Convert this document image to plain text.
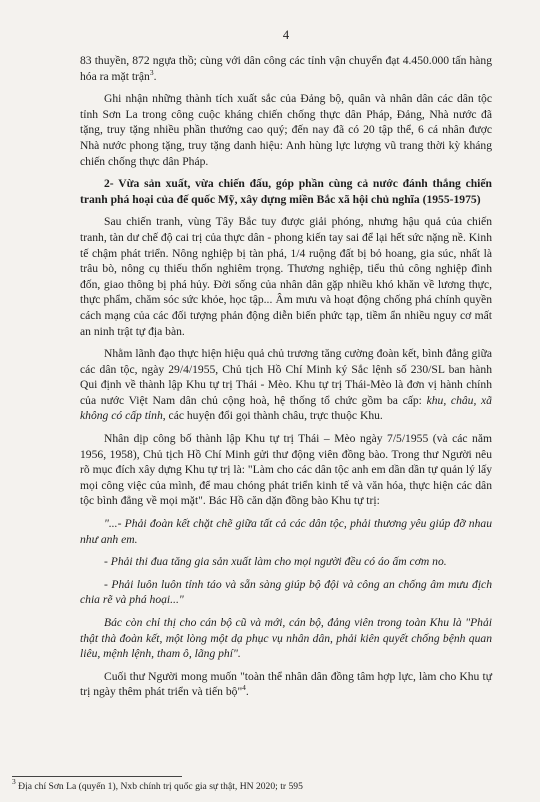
4

83 thuyền, 872 ngựa thồ; cùng với dân công các tỉnh vận chuyển đạt 4.450.000 tấn hàng hóa ra mặt trận$^3$.

Ghi nhận những thành tích xuất sắc của Đảng bộ, quân và nhân dân các dân tộc tỉnh Sơn La trong công cuộc kháng chiến chống thực dân Pháp, Đảng, Nhà nước đã tặng, truy tặng nhiều phần thưởng cao quý; đến nay đã có 20 tập thể, 6 cá nhân được Nhà nước phong tặng, truy tặng danh hiệu: Anh hùng lực lượng vũ trang thời kỳ kháng chiến chống thực dân Pháp.

2- Vừa sản xuất, vừa chiến đấu, góp phần cùng cả nước đánh thắng chiến tranh phá hoại của đế quốc Mỹ, xây dựng miền Bắc xã hội chủ nghĩa (1955-1975)

Sau chiến tranh, vùng Tây Bắc tuy được giải phóng, nhưng hậu quả của chiến tranh, tàn dư chế độ cai trị của thực dân - phong kiến tay sai để lại hết sức nặng nề. Kinh tế chậm phát triển. Nông nghiệp bị tàn phá, 1/4 ruộng đất bị bỏ hoang, gia súc, nhất là trâu bò, nông cụ thiếu thốn nghiêm trọng. Thương nghiệp, tiểu thủ công nghiệp đình đốn, giao thông bị phá hủy. Đời sống của nhân dân gặp nhiều khó khăn về lương thực, thực phẩm, chăm sóc sức khỏe, học tập... Âm mưu và hoạt động chống phá chính quyền cách mạng của các đối tượng phản động diễn biến phức tạp, tiềm ẩn nhiều nguy cơ mất an ninh trật tự địa bàn.

Nhằm lãnh đạo thực hiện hiệu quả chủ trương tăng cường đoàn kết, bình đẳng giữa các dân tộc, ngày 29/4/1955, Chủ tịch Hồ Chí Minh ký Sắc lệnh số 230/SL ban hành Qui định về thành lập Khu tự trị Thái - Mèo. Khu tự trị Thái-Mèo là đơn vị hành chính của nước Việt Nam dân chủ cộng hoà, hệ thống tổ chức gồm ba cấp: khu, châu, xã không có cấp tỉnh, các huyện đổi gọi thành châu, trực thuộc Khu.

Nhân dịp công bố thành lập Khu tự trị Thái – Mèo ngày 7/5/1955 (và các năm 1956, 1958), Chủ tịch Hồ Chí Minh gửi thư động viên đồng bào. Trong thư Người nêu rõ mục đích xây dựng Khu tự trị là: "Làm cho các dân tộc anh em dần dần tự quản lý lấy mọi công việc của mình, để mau chóng phát triển kinh tế và văn hóa, thực hiện các dân tộc bình đẳng về mọi mặt". Bác Hồ căn dặn đồng bào Khu tự trị:

"...- Phải đoàn kết chặt chẽ giữa tất cả các dân tộc, phải thương yêu giúp đỡ nhau như anh em.

- Phải thi đua tăng gia sản xuất làm cho mọi người đều có áo ấm cơm no.

- Phải luôn luôn tỉnh táo và sẵn sàng giúp bộ đội và công an chống âm mưu địch chia rẽ và phá hoại..."

Bác còn chỉ thị cho cán bộ cũ và mới, cán bộ, đảng viên trong toàn Khu là "Phải thật thà đoàn kết, một lòng một dạ phục vụ nhân dân, phải kiên quyết chống bệnh quan liêu, mệnh lệnh, tham ô, lãng phí".

Cuối thư Người mong muốn "toàn thể nhân dân đồng tâm hợp lực, làm cho Khu tự trị ngày thêm phát triển và tiến bộ"$^4$.

$^3$ Địa chí Sơn La (quyển 1), Nxb chính trị quốc gia sự thật, HN 2020; tr 595
